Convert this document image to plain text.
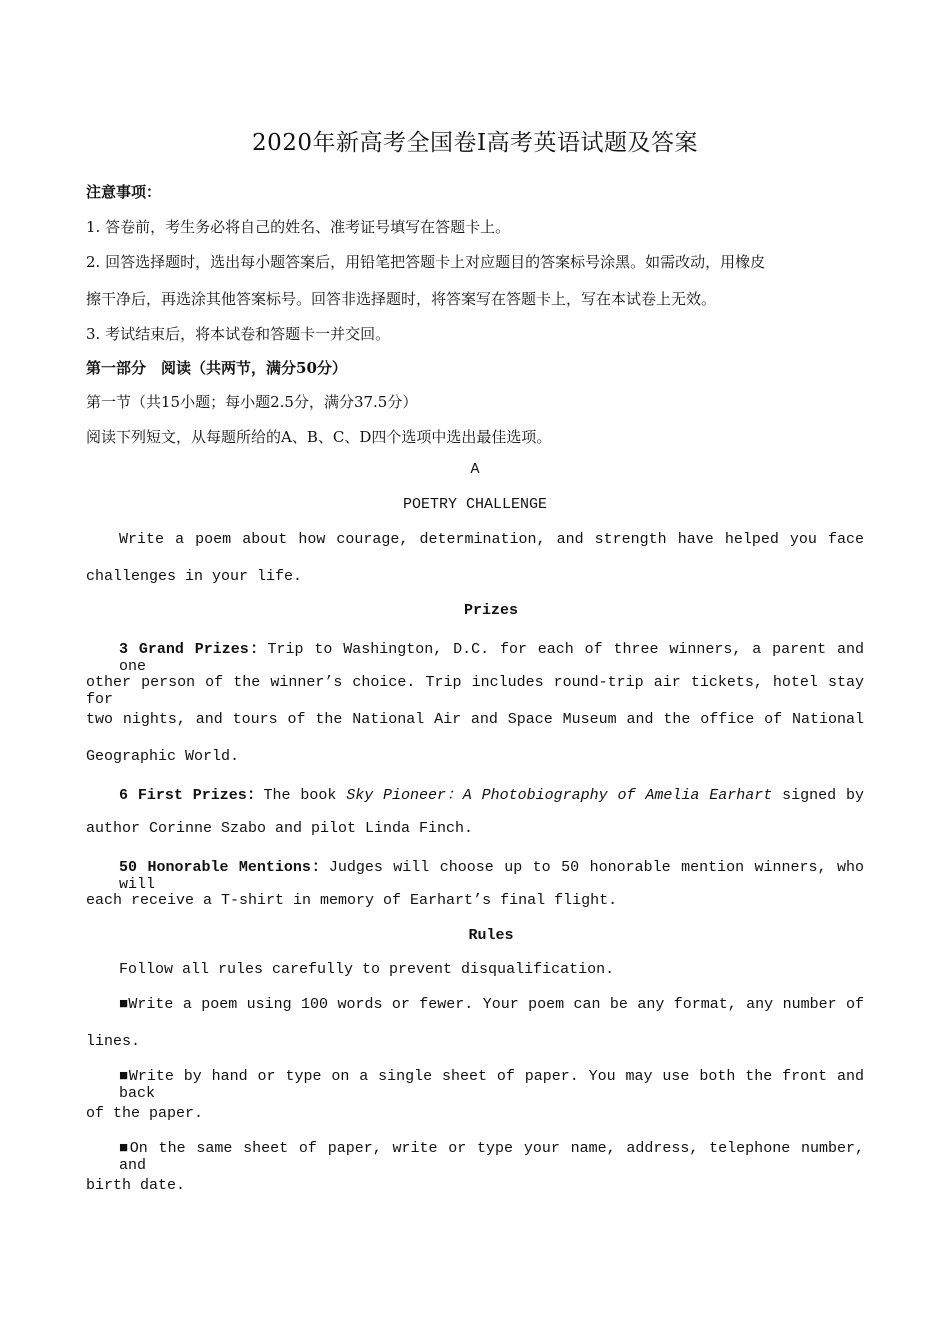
2020年新高考全国卷Ⅰ高考英语试题及答案
注意事项：
1. 答卷前，考生务必将自己的姓名、准考证号填写在答题卡上。
2. 回答选择题时，选出每小题答案后，用铅笔把答题卡上对应题目的答案标号涂黑。如需改动，用橡皮
擦干净后，再选涂其他答案标号。回答非选择题时，将答案写在答题卡上，写在本试卷上无效。
3. 考试结束后，将本试卷和答题卡一并交回。
第一部分　阅读（共两节，满分50分）
第一节（共15小题；每小题2.5分，满分37.5分）
阅读下列短文，从每题所给的A、B、C、D四个选项中选出最佳选项。
A
POETRY CHALLENGE
Write a poem about how courage, determination, and strength have helped you face
challenges in your life.
Prizes
3 Grand Prizes：Trip to Washington, D.C. for each of three winners, a parent and one
other person of the winner’s choice. Trip includes round-trip air tickets, hotel stay for
two nights, and tours of the National Air and Space Museum and the office of National
Geographic World.
6 First Prizes：The book Sky Pioneer：A Photobiography of Amelia Earhart signed by
author Corinne Szabo and pilot Linda Finch.
50 Honorable Mentions：Judges will choose up to 50 honorable mention winners, who will
each receive a T-shirt in memory of Earhart’s final flight.
Rules
Follow all rules carefully to prevent disqualification.
■Write a poem using 100 words or fewer. Your poem can be any format, any number of
lines.
■Write by hand or type on a single sheet of paper. You may use both the front and back
of the paper.
■On the same sheet of paper, write or type your name, address, telephone number, and
birth date.
